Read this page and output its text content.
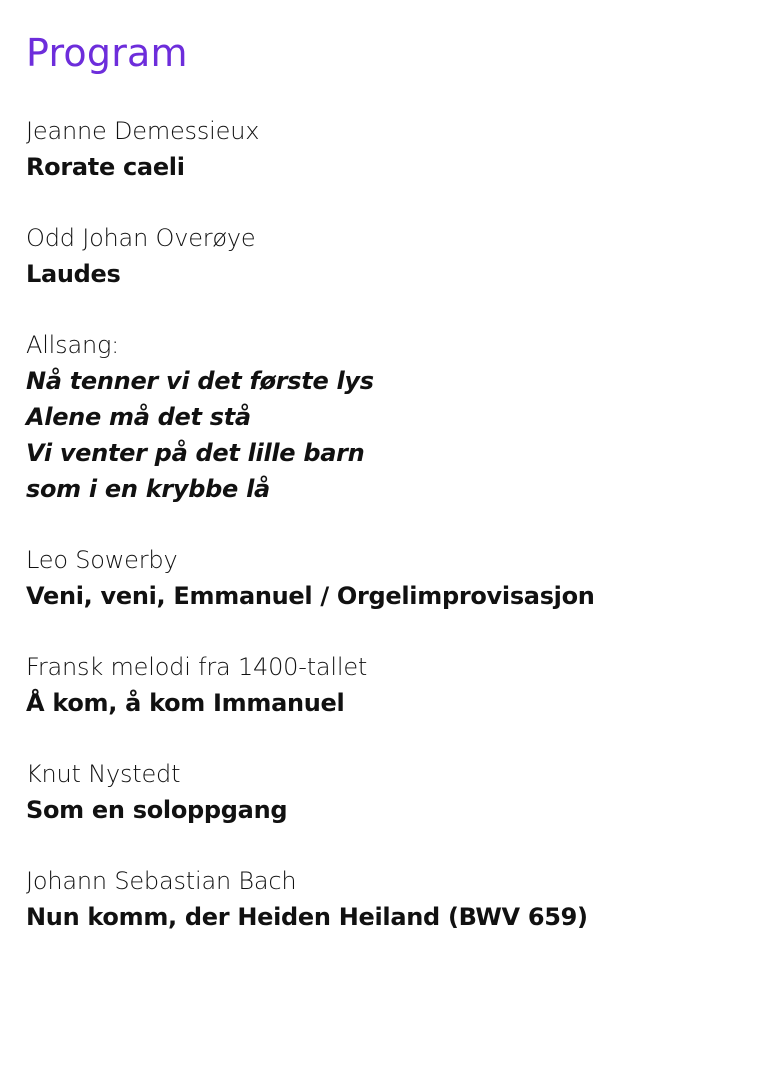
Program
Jeanne Demessieux
Rorate caeli
Odd Johan Overøye
Laudes
Allsang:
Nå tenner vi det første lys
Alene må det stå
Vi venter på det lille barn
som i en krybbe lå
Leo Sowerby
Veni, veni, Emmanuel / Orgelimprovisasjon
Fransk melodi fra 1400-tallet
Å kom, å kom Immanuel
Knut Nystedt
Som en soloppgang
Johann Sebastian Bach
Nun komm, der Heiden Heiland (BWV 659)
